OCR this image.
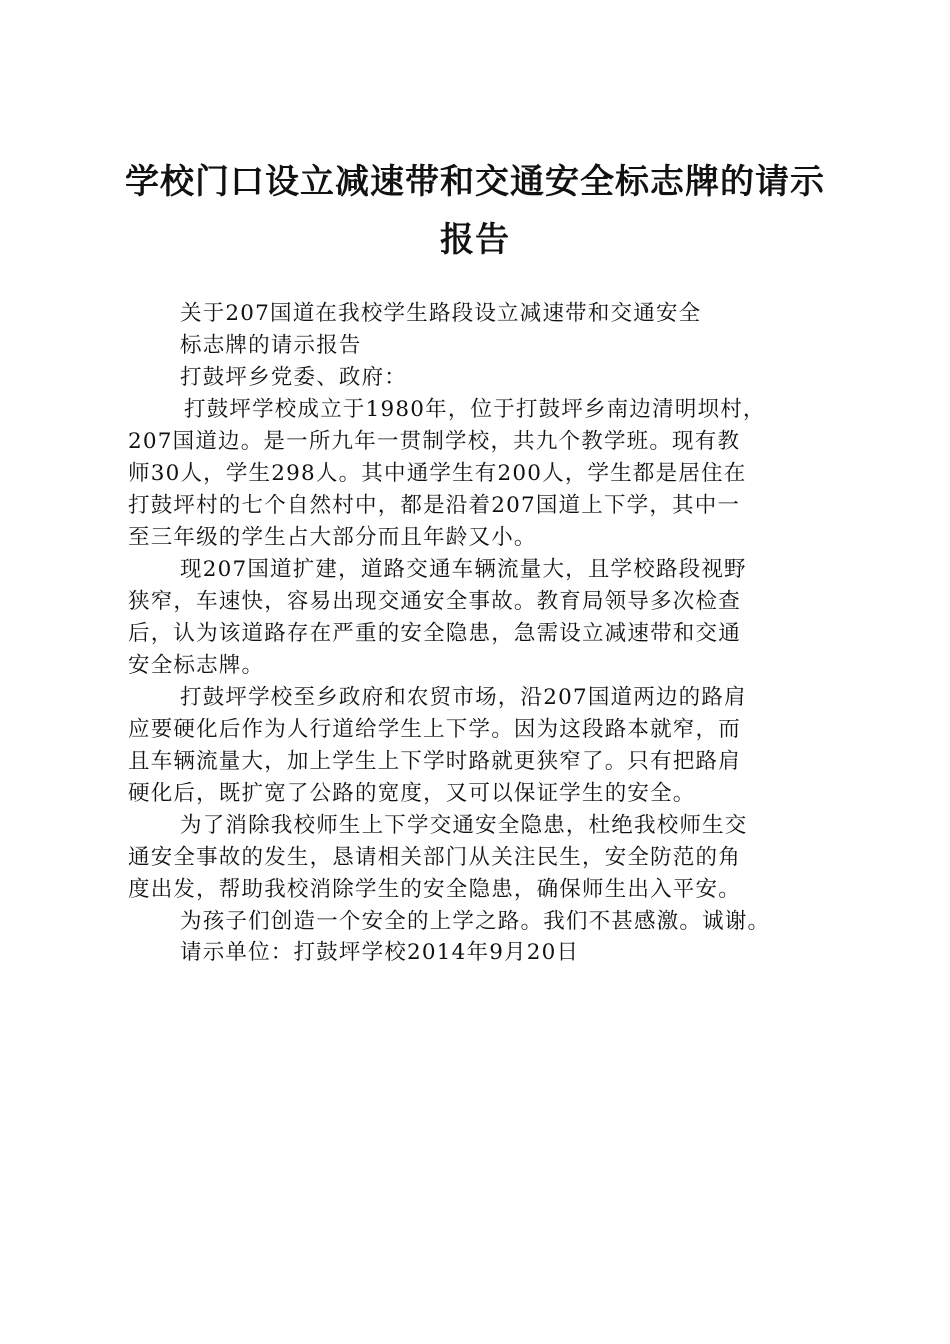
学校门口设立减速带和交通安全标志牌的请示
报告
关于207国道在我校学生路段设立减速带和交通安全
标志牌的请示报告
打鼓坪乡党委、政府：
打鼓坪学校成立于1980年，位于打鼓坪乡南边清明坝村，
207国道边。是一所九年一贯制学校，共九个教学班。现有教
师30人，学生298人。其中通学生有200人，学生都是居住在
打鼓坪村的七个自然村中，都是沿着207国道上下学，其中一
至三年级的学生占大部分而且年龄又小。
现207国道扩建，道路交通车辆流量大，且学校路段视野
狭窄，车速快，容易出现交通安全事故。教育局领导多次检查
后，认为该道路存在严重的安全隐患，急需设立减速带和交通
安全标志牌。
打鼓坪学校至乡政府和农贸市场，沿207国道两边的路肩
应要硬化后作为人行道给学生上下学。因为这段路本就窄，而
且车辆流量大，加上学生上下学时路就更狭窄了。只有把路肩
硬化后，既扩宽了公路的宽度，又可以保证学生的安全。
为了消除我校师生上下学交通安全隐患，杜绝我校师生交
通安全事故的发生，恳请相关部门从关注民生，安全防范的角
度出发，帮助我校消除学生的安全隐患，确保师生出入平安。
为孩子们创造一个安全的上学之路。我们不甚感激。诚谢。
请示单位：打鼓坪学校2014年9月20日
